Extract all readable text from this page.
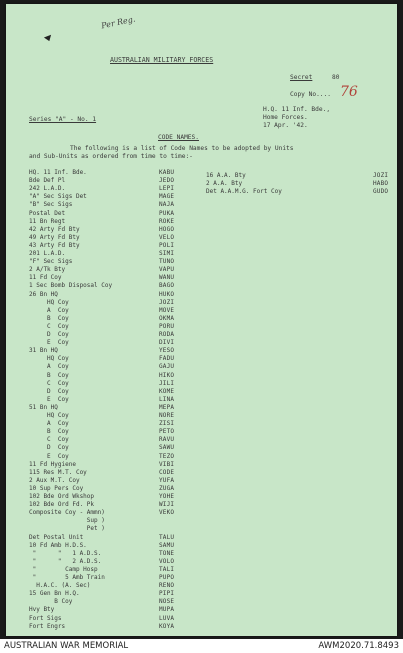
Per Reg.
AUSTRALIAN MILITARY FORCES
Secret	80
Copy No.... 76
H.Q. 11 Inf. Bde.,
Home Forces.
17 Apr. '42.
Series "A" - No. 1
CODE NAMES.
The following is a list of Code Names to be adopted by Units
and Sub-Units as ordered from time to time:-
HQ. 11 Inf. Bde.	KABU
Bde Def Pl	JEDO
242 L.A.D.	LEPI
"A" Sec Sigs Det	MAGE
"B" Sec Sigs	NAJA
Postal Det	PUKA
11 Bn Regt	ROKE
42 Arty Fd Bty	HOGO
49 Arty Fd Bty	VELO
43 Arty Fd Bty	POLI
201 L.A.D.	SIMI
"F" Sec Sigs	TUNO
2 A/Tk Bty	VAPU
11 Fd Coy	WANU
1 Sec Bomb Disposal Coy	BAGO
26 Bn HQ	HUKO
HQ Coy	JOZI
A  Coy	MOVE
B  Coy	OKMA
C  Coy	PORU
D  Coy	RODA
E  Coy	DIVI
31 Bn HQ	YESO
HQ Coy	FADU
A  Coy	GAJU
B  Coy	HIKO
C  Coy	JILI
D  Coy	KOME
E  Coy	LINA
51 Bn HQ	MEPA
HQ Coy	NORE
A  Coy	ZISI
B  Coy	PETO
C  Coy	RAVU
D  Coy	SAWU
E  Coy	TEZO
11 Fd Hygiene	VIBI
115 Res M.T. Coy	CODE
2 Aux M.T. Coy	YUFA
10 Sup Pers Coy	ZUGA
102 Bde Ord Wkshop	YOHE
102 Bde Ord Fd. Pk	WIJI
Composite Coy - Ammn)	VEKO
Sup )
Pet )
Det Postal Unit	TALU
10 Fd Amb H.D.S.	SAMU
"      "   1 A.D.S.	TONE
"      "   2 A.D.S.	VOLO
"        Camp Hosp	TALI
"        5 Amb Train	PUPO
H.A.C. (A. Sec)	RENO
15 Gen Bn H.Q.	PIPI
B Coy	NOSE
Hvy Bty	MUPA
Fort Sigs	LUVA
Fort Engrs	KOYA
16 A.A. Bty	JOZI
2 A.A. Bty	HABO
Det A.A.M.G. Fort Coy	GUDO
AUSTRALIAN WAR MEMORIAL	AWM2020.71.8493
